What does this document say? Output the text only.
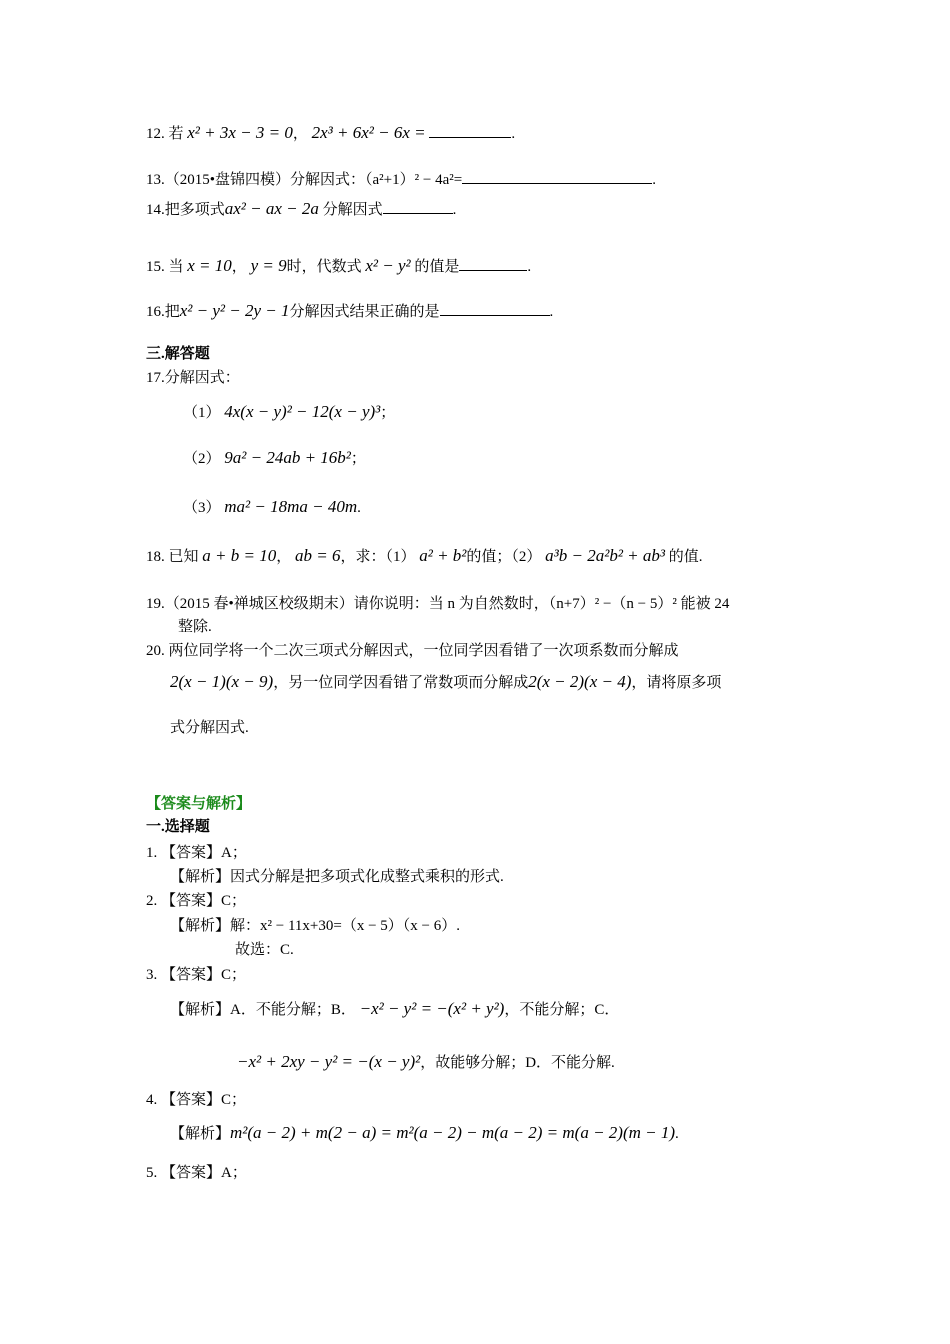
12. 若 x² + 3x − 3 = 0， 2x³ + 6x² − 6x =	.
13.（2015•盘锦四模）分解因式：（a²+1）² − 4a²=	.
14.把多项式ax² − ax − 2a 分解因式	.
15. 当 x = 10， y = 9时，代数式 x² − y² 的值是	.
16.把x² − y² − 2y − 1分解因式结果正确的是	.
三.解答题
17.分解因式：
（1） 4x(x − y)² − 12(x − y)³；
（2） 9a² − 24ab + 16b²；
（3） ma² − 18ma − 40m.
18. 已知 a + b = 10， ab = 6，求：（1） a² + b²的值；（2） a³b − 2a²b² + ab³ 的值.
19.（2015 春•禅城区校级期末）请你说明：当 n 为自然数时，（n+7）² −（n − 5）² 能被 24
整除.
20. 两位同学将一个二次三项式分解因式，一位同学因看错了一次项系数而分解成
2(x − 1)(x − 9)，另一位同学因看错了常数项而分解成2(x − 2)(x − 4)，请将原多项
式分解因式.
【答案与解析】
一.选择题
1. 【答案】A；
【解析】因式分解是把多项式化成整式乘积的形式.
2. 【答案】C；
【解析】解：x² − 11x+30=（x − 5）（x − 6）.
故选：C.
3. 【答案】C；
【解析】A．不能分解；B． −x² − y² = −(x² + y²)，不能分解；C．
−x² + 2xy − y² = −(x − y)²，故能够分解；D．不能分解.
4. 【答案】C；
【解析】m²(a − 2) + m(2 − a) = m²(a − 2) − m(a − 2) = m(a − 2)(m − 1).
5. 【答案】A；
